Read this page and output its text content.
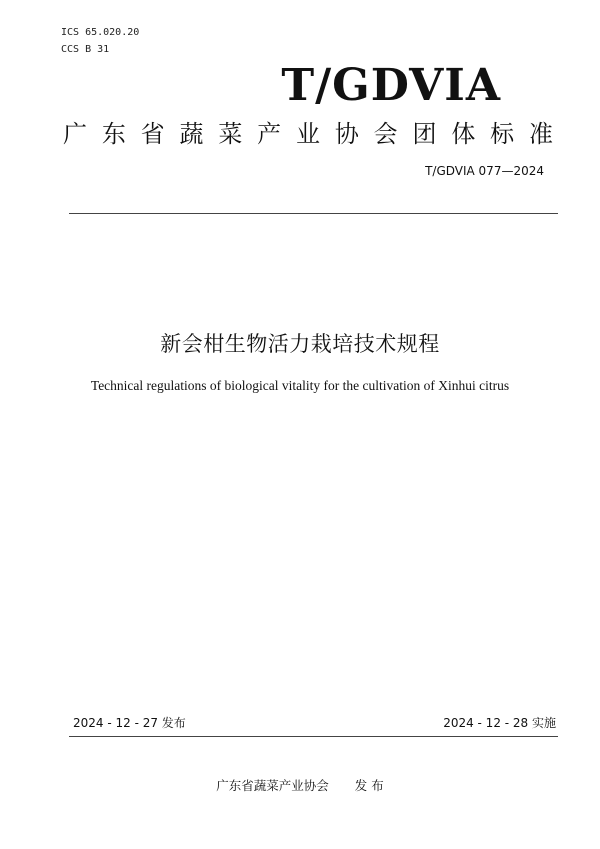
ICS 65.020.20
CCS B 31
T/GDVIA
广东省蔬菜产业协会团体标准
T/GDVIA 077—2024
新会柑生物活力栽培技术规程
Technical regulations of biological vitality for the cultivation of Xinhui citrus
2024 - 12 - 27 发布	2024 - 12 - 28 实施
广东省蔬菜产业协会 发 布
